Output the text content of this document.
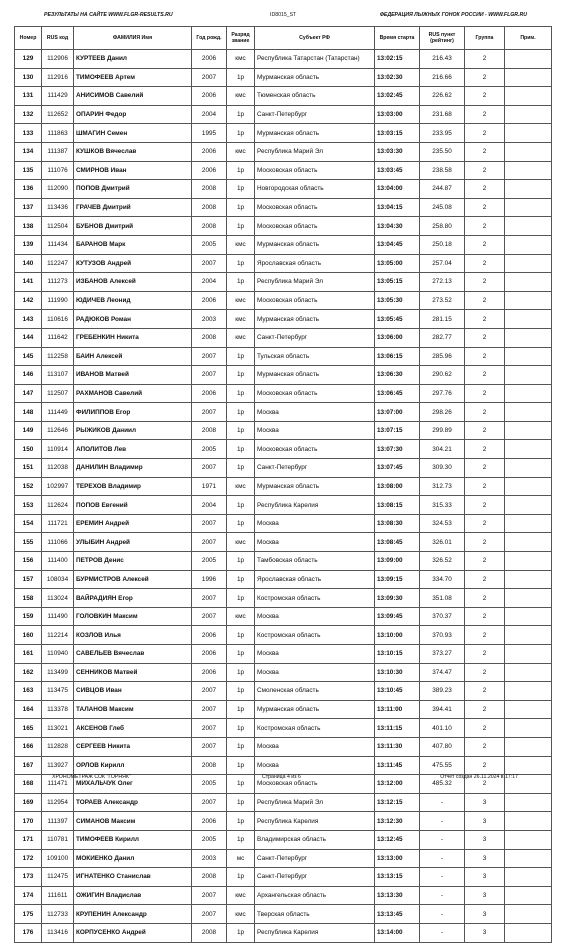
РЕЗУЛЬТАТЫ НА САЙТЕ WWW.FLGR-RESULTS.RU	ID8015_ST	ФЕДЕРАЦИЯ ЛЫЖНЫХ ГОНОК РОССИИ - WWW.FLGR.RU
Номер	RUS код	ФАМИЛИЯ Имя	Год рожд.	Разряд звание	Субъект РФ	Время старта	RUS пункт (рейтинг)	Группа	Прим.
129	112906	КУРТЕЕВ Данил	2006	кмс	Республика Татарстан (Татарстан)	13:02:15	216.43	2	
130	112916	ТИМОФЕЕВ Артем	2007	1р	Мурманская область	13:02:30	216.66	2	
131	111429	АНИСИМОВ Савелий	2006	кмс	Тюменская область	13:02:45	226.62	2	
132	112652	ОПАРИН Федор	2004	1р	Санкт-Петербург	13:03:00	231.68	2	
133	111863	ШМАГИН Семен	1995	1р	Мурманская область	13:03:15	233.95	2	
134	111387	КУШКОВ Вячеслав	2006	кмс	Республика Марий Эл	13:03:30	235.50	2	
135	111076	СМИРНОВ Иван	2006	1р	Московская область	13:03:45	238.58	2	
136	112090	ПОПОВ Дмитрий	2008	1р	Новгородская область	13:04:00	244.87	2	
137	113436	ГРАЧЕВ Дмитрий	2008	1р	Московская область	13:04:15	245.08	2	
138	112504	БУБНОВ Дмитрий	2008	1р	Московская область	13:04:30	258.80	2	
139	111434	БАРАНОВ Марк	2005	кмс	Мурманская область	13:04:45	250.18	2	
140	112247	КУТУЗОВ Андрей	2007	1р	Ярославская область	13:05:00	257.04	2	
141	111273	ИЗБАНОВ Алексей	2004	1р	Республика Марий Эл	13:05:15	272.13	2	
142	111990	ЮДИЧЕВ Леонид	2006	кмс	Московская область	13:05:30	273.52	2	
143	110616	РАДЮКОВ Роман	2003	кмс	Мурманская область	13:05:45	281.15	2	
144	111642	ГРЕБЕНКИН Никита	2008	кмс	Санкт-Петербург	13:06:00	282.77	2	
145	112258	БАИН Алексей	2007	1р	Тульская область	13:06:15	285.96	2	
146	113107	ИВАНОВ Матвей	2007	1р	Мурманская область	13:06:30	290.62	2	
147	112507	РАХМАНОВ Савелий	2006	1р	Московская область	13:06:45	297.76	2	
148	111449	ФИЛИППОВ Егор	2007	1р	Москва	13:07:00	298.26	2	
149	112646	РЫЖИКОВ Даниил	2008	1р	Москва	13:07:15	299.89	2	
150	110914	АПОЛИТОВ Лев	2005	1р	Московская область	13:07:30	304.21	2	
151	112038	ДАНИЛИН Владимир	2007	1р	Санкт-Петербург	13:07:45	309.30	2	
152	102997	ТЕРЕХОВ Владимир	1971	кмс	Мурманская область	13:08:00	312.73	2	
153	112624	ПОПОВ Евгений	2004	1р	Республика Карелия	13:08:15	315.33	2	
154	111721	ЕРЕМИН Андрей	2007	1р	Москва	13:08:30	324.53	2	
155	111066	УЛЫБИН Андрей	2007	кмс	Москва	13:08:45	326.01	2	
156	111400	ПЕТРОВ Денис	2005	1р	Тамбовская область	13:09:00	326.52	2	
157	108034	БУРМИСТРОВ Алексей	1996	1р	Ярославская область	13:09:15	334.70	2	
158	113024	ВАЙРАДИЯН Егор	2007	1р	Костромская область	13:09:30	351.08	2	
159	111490	ГОЛОВКИН Максим	2007	кмс	Москва	13:09:45	370.37	2	
160	112214	КОЗЛОВ Илья	2006	1р	Костромская область	13:10:00	370.93	2	
161	110940	САВЕЛЬЕВ Вячеслав	2006	1р	Москва	13:10:15	373.27	2	
162	113499	СЕННИКОВ Матвей	2006	1р	Москва	13:10:30	374.47	2	
163	113475	СИВЦОВ Иван	2007	1р	Смоленская область	13:10:45	389.23	2	
164	113378	ТАЛАНОВ Максим	2007	1р	Мурманская область	13:11:00	394.41	2	
165	113021	АКСЕНОВ Глеб	2007	1р	Костромская область	13:11:15	401.10	2	
166	112828	СЕРГЕЕВ Никита	2007	1р	Москва	13:11:30	407.80	2	
167	113927	ОРЛОВ Кирилл	2008	1р	Москва	13:11:45	475.55	2	
168	111471	МИХАЛЬЧУК Олег	2005	1р	Московская область	13:12:00	485.32	2	
169	112954	ТОРАЕВ Александр	2007	1р	Республика Марий Эл	13:12:15	-	3	
170	111397	СИМАНОВ Максим	2006	1р	Республика Карелия	13:12:30	-	3	
171	110781	ТИМОФЕЕВ Кирилл	2005	1р	Владимирская область	13:12:45	-	3	
172	109100	МОКИЕНКО Данил	2003	мс	Санкт-Петербург	13:13:00	-	3	
173	112475	ИГНАТЕНКО Станислав	2008	1р	Санкт-Петербург	13:13:15	-	3	
174	111611	ОЖИГИН Владислав	2007	кмс	Архангельская область	13:13:30	-	3	
175	112733	КРУПЕНИН Александр	2007	кмс	Тверская область	13:13:45	-	3	
176	113416	КОРПУСЕНКО Андрей	2008	1р	Республика Карелия	13:14:00	-	3	
ХРОНОМЕТРАЖ СОК "ГОРНЯК"	Страница 4 из 6	Отчет создан 26.11.2024 в 17:17
